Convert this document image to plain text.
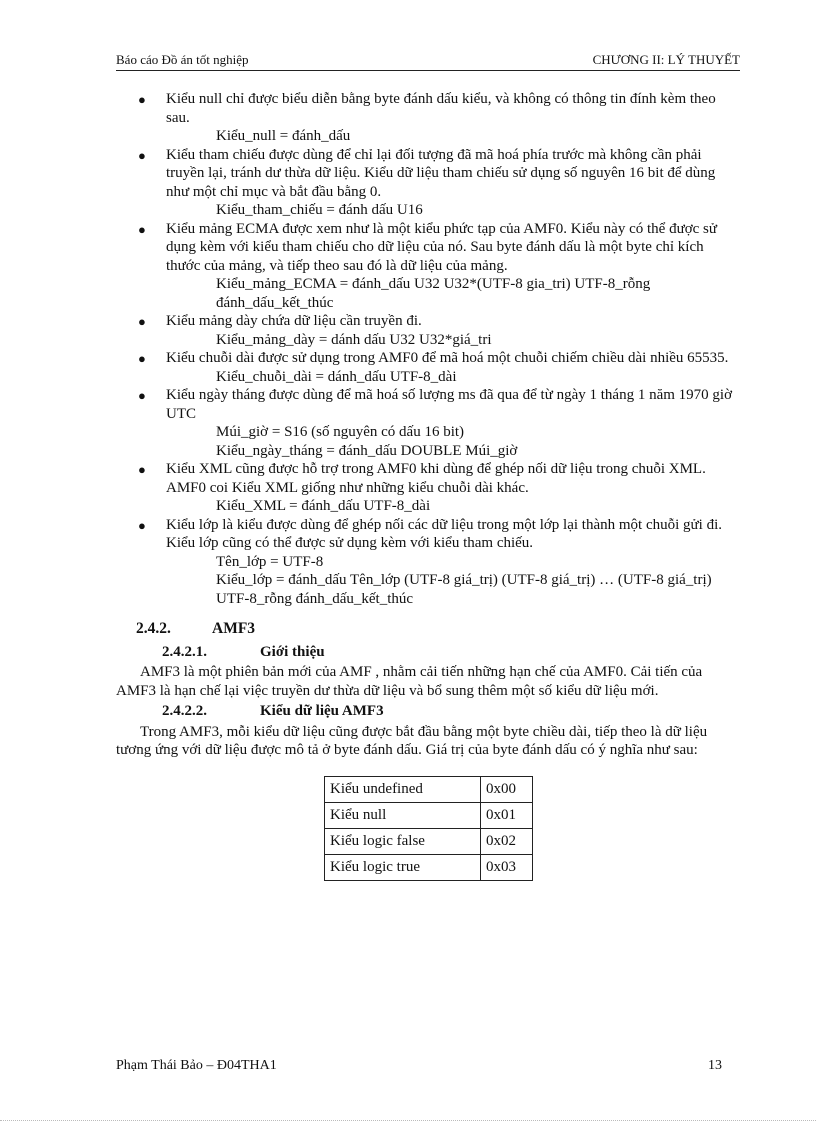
Báo cáo Đồ án tốt nghiệp	CHƯƠNG II: LÝ THUYẾT
● Kiểu null chỉ được biểu diễn bằng byte đánh dấu kiểu, và không có thông tin đính kèm theo sau.
Kiểu_null = đánh_dấu
● Kiểu tham chiếu được dùng để chỉ lại đối tượng đã mã hoá phía trước mà không cần phải truyền lại, tránh dư thừa dữ liệu. Kiểu dữ liệu tham chiếu sử dụng số nguyên 16 bit để dùng như một chỉ mục và bắt đầu bằng 0.
Kiểu_tham_chiếu = đánh dấu U16
● Kiểu mảng ECMA được xem như là một kiểu phức tạp của AMF0. Kiểu này có thể được sử dụng kèm với kiểu tham chiếu cho dữ liệu của nó. Sau byte đánh dấu là một byte chỉ kích thước của mảng, và tiếp theo sau đó là dữ liệu của mảng.
Kiểu_mảng_ECMA = đánh_dấu U32 U32*(UTF-8 gia_tri) UTF-8_rỗng đánh_dấu_kết_thúc
● Kiểu mảng dày chứa dữ liệu cần truyền đi.
Kiểu_mảng_dày = dánh dấu U32 U32*giá_tri
● Kiểu chuỗi dài được sử dụng trong AMF0 để mã hoá một chuỗi chiếm chiều dài nhiều 65535.
Kiểu_chuỗi_dài = dánh_dấu UTF-8_dài
● Kiểu ngày tháng được dùng để mã hoá số lượng ms đã qua để từ ngày 1 tháng 1 năm 1970 giờ UTC
Múi_giờ = S16 (số nguyên có dấu 16 bit)
Kiểu_ngày_tháng = đánh_dấu DOUBLE Múi_giờ
● Kiểu XML cũng được hỗ trợ trong AMF0 khi dùng để ghép nối dữ liệu trong chuỗi XML. AMF0 coi Kiểu XML giống như những kiểu chuỗi dài khác.
Kiểu_XML = đánh_dấu UTF-8_dài
● Kiểu lớp là kiểu được dùng để ghép nối các dữ liệu trong một lớp lại thành một chuỗi gửi đi. Kiểu lớp cũng có thể được sử dụng kèm với kiểu tham chiếu.
Tên_lớp = UTF-8
Kiểu_lớp = đánh_dấu Tên_lớp (UTF-8 giá_trị) (UTF-8 giá_trị) … (UTF-8 giá_trị) UTF-8_rỗng đánh_dấu_kết_thúc
2.4.2.	AMF3
2.4.2.1.	Giới thiệu

AMF3 là một phiên bản mới của AMF , nhằm cải tiến những hạn chế của AMF0. Cải tiến của AMF3 là hạn chế lại việc truyền dư thừa dữ liệu và bổ sung thêm một số kiểu dữ liệu mới.

2.4.2.2.	Kiểu dữ liệu AMF3

Trong AMF3, mỗi kiểu dữ liệu cũng được bắt đầu bằng một byte chiều dài, tiếp theo là dữ liệu tương ứng với dữ liệu được mô tả ở byte đánh dấu. Giá trị của byte đánh dấu có ý nghĩa như sau:

Kiểu undefined	0x00
Kiểu null	0x01
Kiểu logic false	0x02
Kiểu logic true	0x03
Phạm Thái Bảo – Đ04THA1	13
